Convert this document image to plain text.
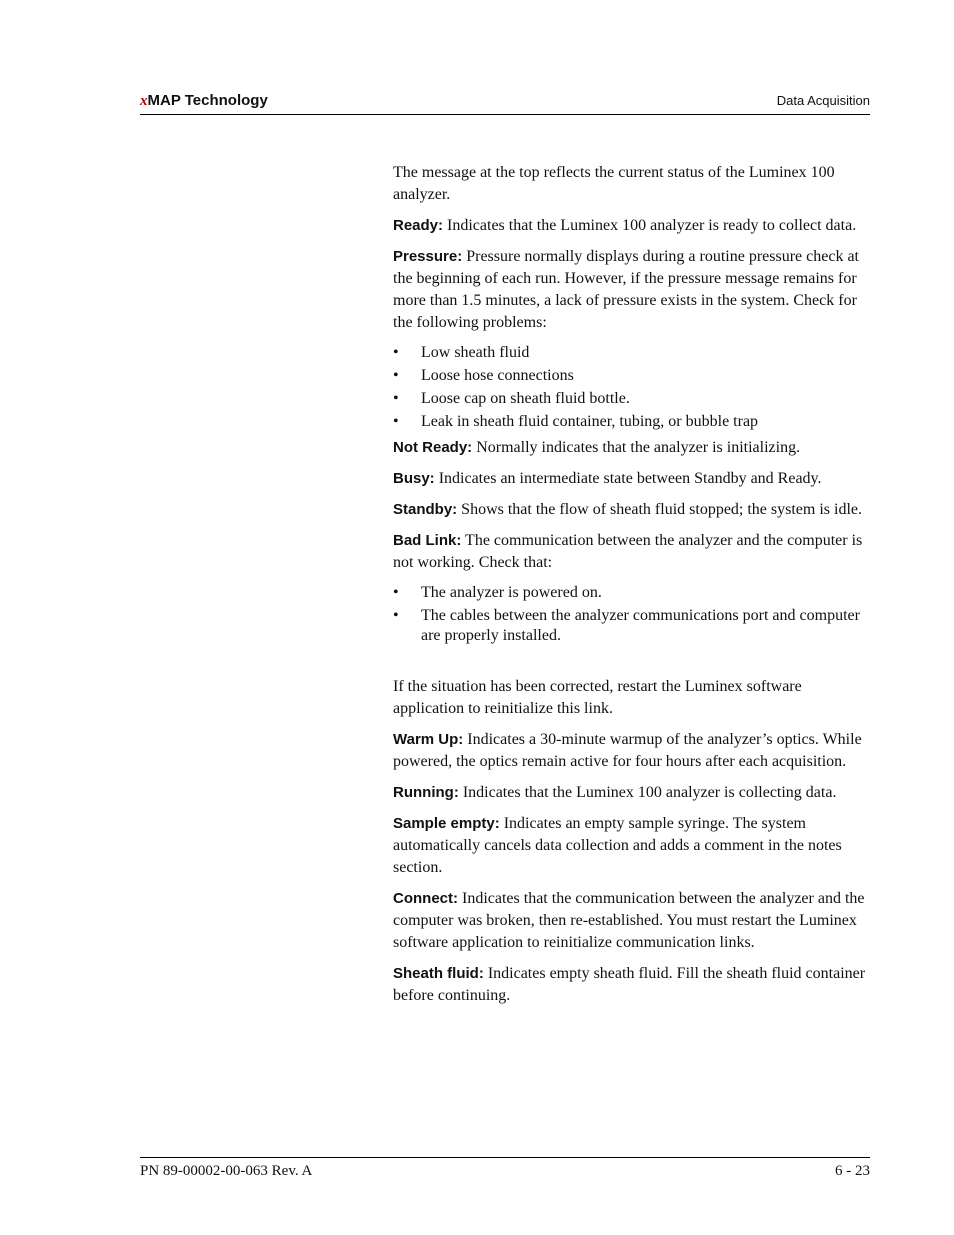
xMAP Technology	Data Acquisition

The message at the top reflects the current status of the Luminex 100 analyzer.

Ready: Indicates that the Luminex 100 analyzer is ready to collect data.

Pressure: Pressure normally displays during a routine pressure check at the beginning of each run. However, if the pressure message remains for more than 1.5 minutes, a lack of pressure exists in the system. Check for the following problems:

• Low sheath fluid
• Loose hose connections
• Loose cap on sheath fluid bottle.
• Leak in sheath fluid container, tubing, or bubble trap

Not Ready: Normally indicates that the analyzer is initializing.

Busy: Indicates an intermediate state between Standby and Ready.

Standby: Shows that the flow of sheath fluid stopped; the system is idle.

Bad Link: The communication between the analyzer and the computer is not working. Check that:

• The analyzer is powered on.
• The cables between the analyzer communications port and computer are properly installed.

If the situation has been corrected, restart the Luminex software application to reinitialize this link.

Warm Up: Indicates a 30-minute warmup of the analyzer’s optics. While powered, the optics remain active for four hours after each acquisition.

Running: Indicates that the Luminex 100 analyzer is collecting data.

Sample empty: Indicates an empty sample syringe. The system automatically cancels data collection and adds a comment in the notes section.

Connect: Indicates that the communication between the analyzer and the computer was broken, then re-established. You must restart the Luminex software application to reinitialize communication links.

Sheath fluid: Indicates empty sheath fluid. Fill the sheath fluid container before continuing.

PN 89-00002-00-063 Rev. A	6 - 23
